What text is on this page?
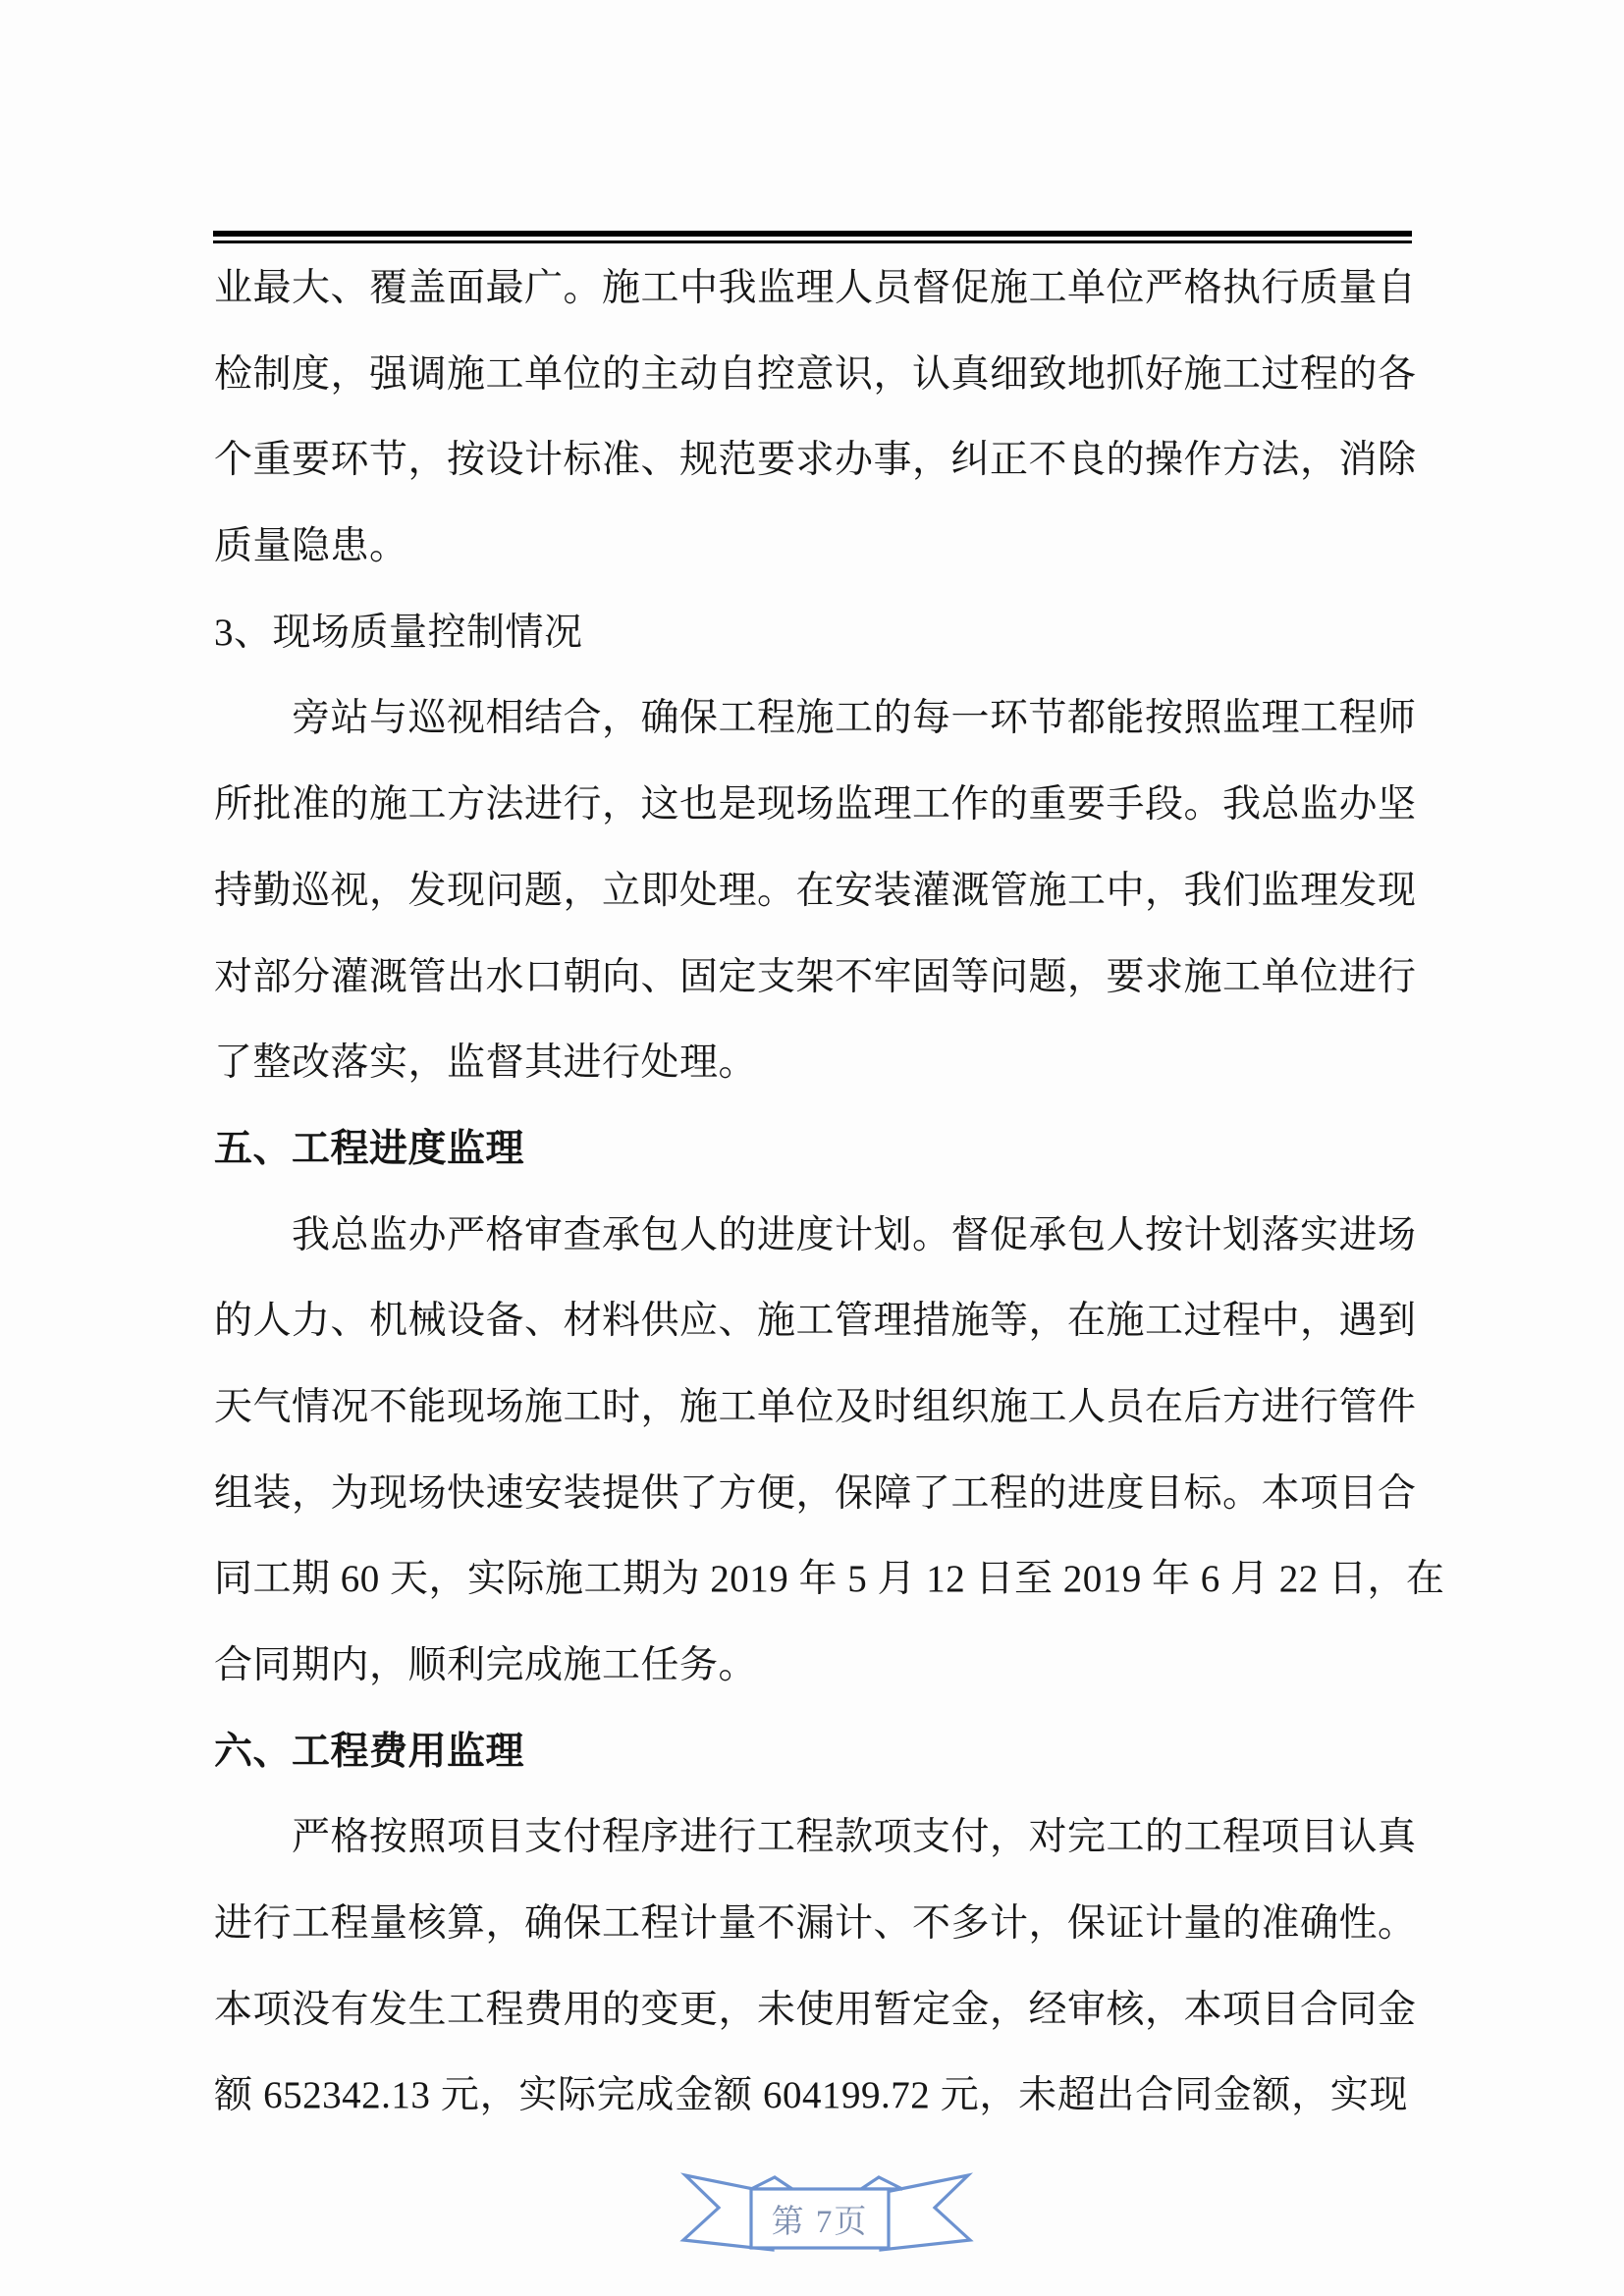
业最大、覆盖面最广。施工中我监理人员督促施工单位严格执行质量自
检制度，强调施工单位的主动自控意识，认真细致地抓好施工过程的各
个重要环节，按设计标准、规范要求办事，纠正不良的操作方法，消除
质量隐患。
3、现场质量控制情况
旁站与巡视相结合，确保工程施工的每一环节都能按照监理工程师
所批准的施工方法进行，这也是现场监理工作的重要手段。我总监办坚
持勤巡视，发现问题，立即处理。在安装灌溉管施工中，我们监理发现
对部分灌溉管出水口朝向、固定支架不牢固等问题，要求施工单位进行
了整改落实，监督其进行处理。
五、工程进度监理
我总监办严格审查承包人的进度计划。督促承包人按计划落实进场
的人力、机械设备、材料供应、施工管理措施等，在施工过程中，遇到
天气情况不能现场施工时，施工单位及时组织施工人员在后方进行管件
组装，为现场快速安装提供了方便，保障了工程的进度目标。本项目合
同工期 60 天，实际施工期为 2019 年 5 月 12 日至 2019 年 6 月 22 日，在
合同期内，顺利完成施工任务。
六、工程费用监理
严格按照项目支付程序进行工程款项支付，对完工的工程项目认真
进行工程量核算，确保工程计量不漏计、不多计，保证计量的准确性。
本项没有发生工程费用的变更，未使用暂定金，经审核，本项目合同金
额 652342.13 元，实际完成金额 604199.72 元，未超出合同金额，实现
第 7页
